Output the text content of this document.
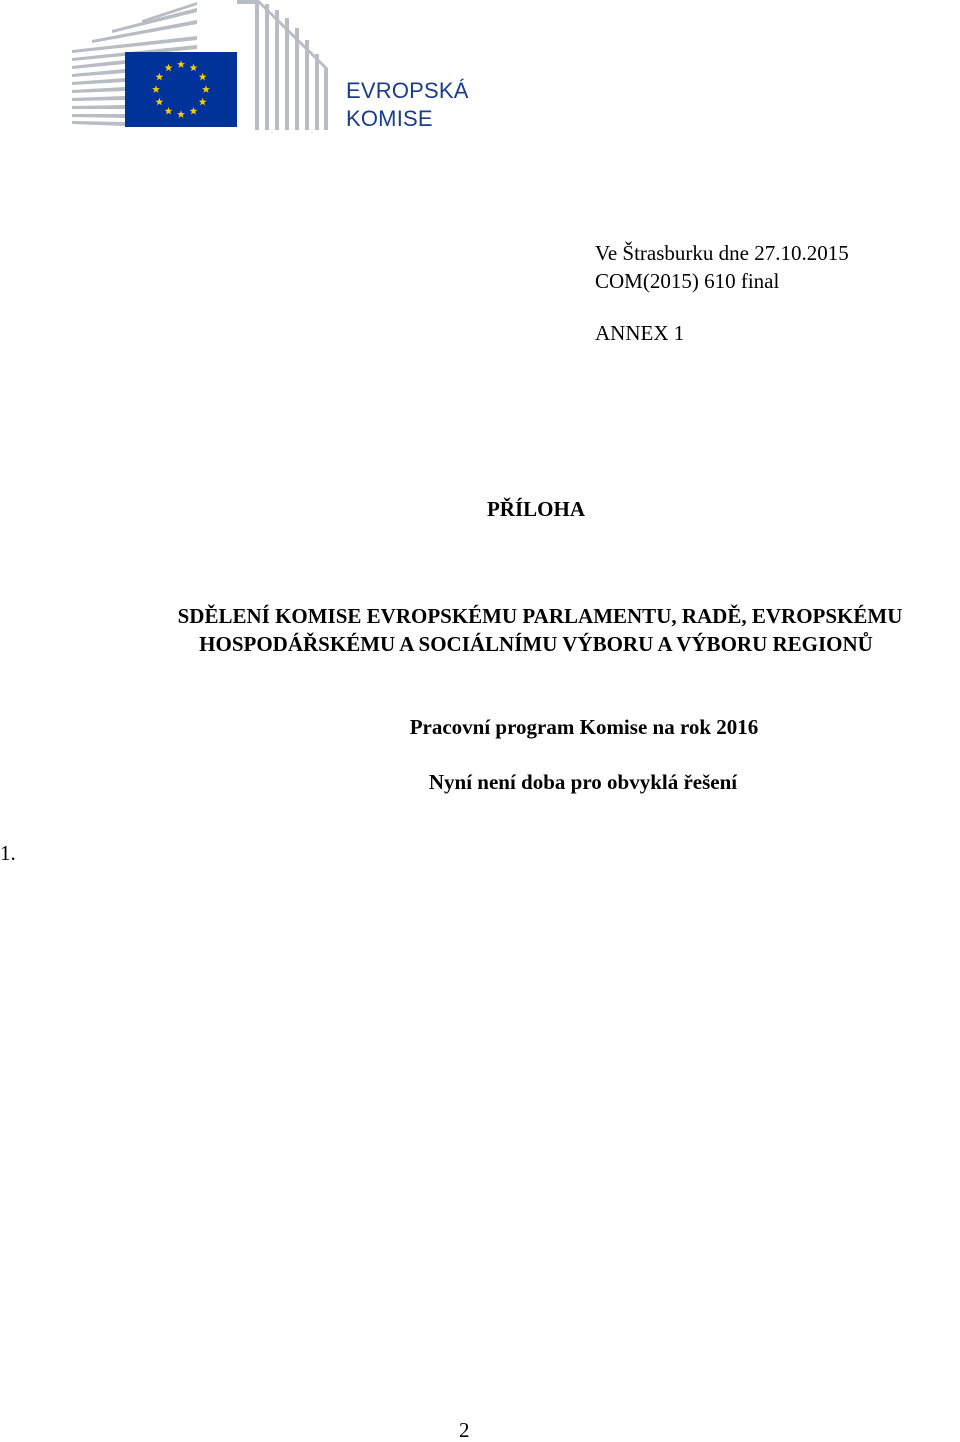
EVROPSKÁ
KOMISE
Ve Štrasburku dne 27.10.2015
COM(2015) 610 final
ANNEX 1
PŘÍLOHA
SDĚLENÍ KOMISE EVROPSKÉMU PARLAMENTU, RADĚ, EVROPSKÉMU
HOSPODÁŘSKÉMU A SOCIÁLNÍMU VÝBORU A VÝBORU REGIONŮ
Pracovní program Komise na rok 2016
Nyní není doba pro obvyklá řešení
1.
2
